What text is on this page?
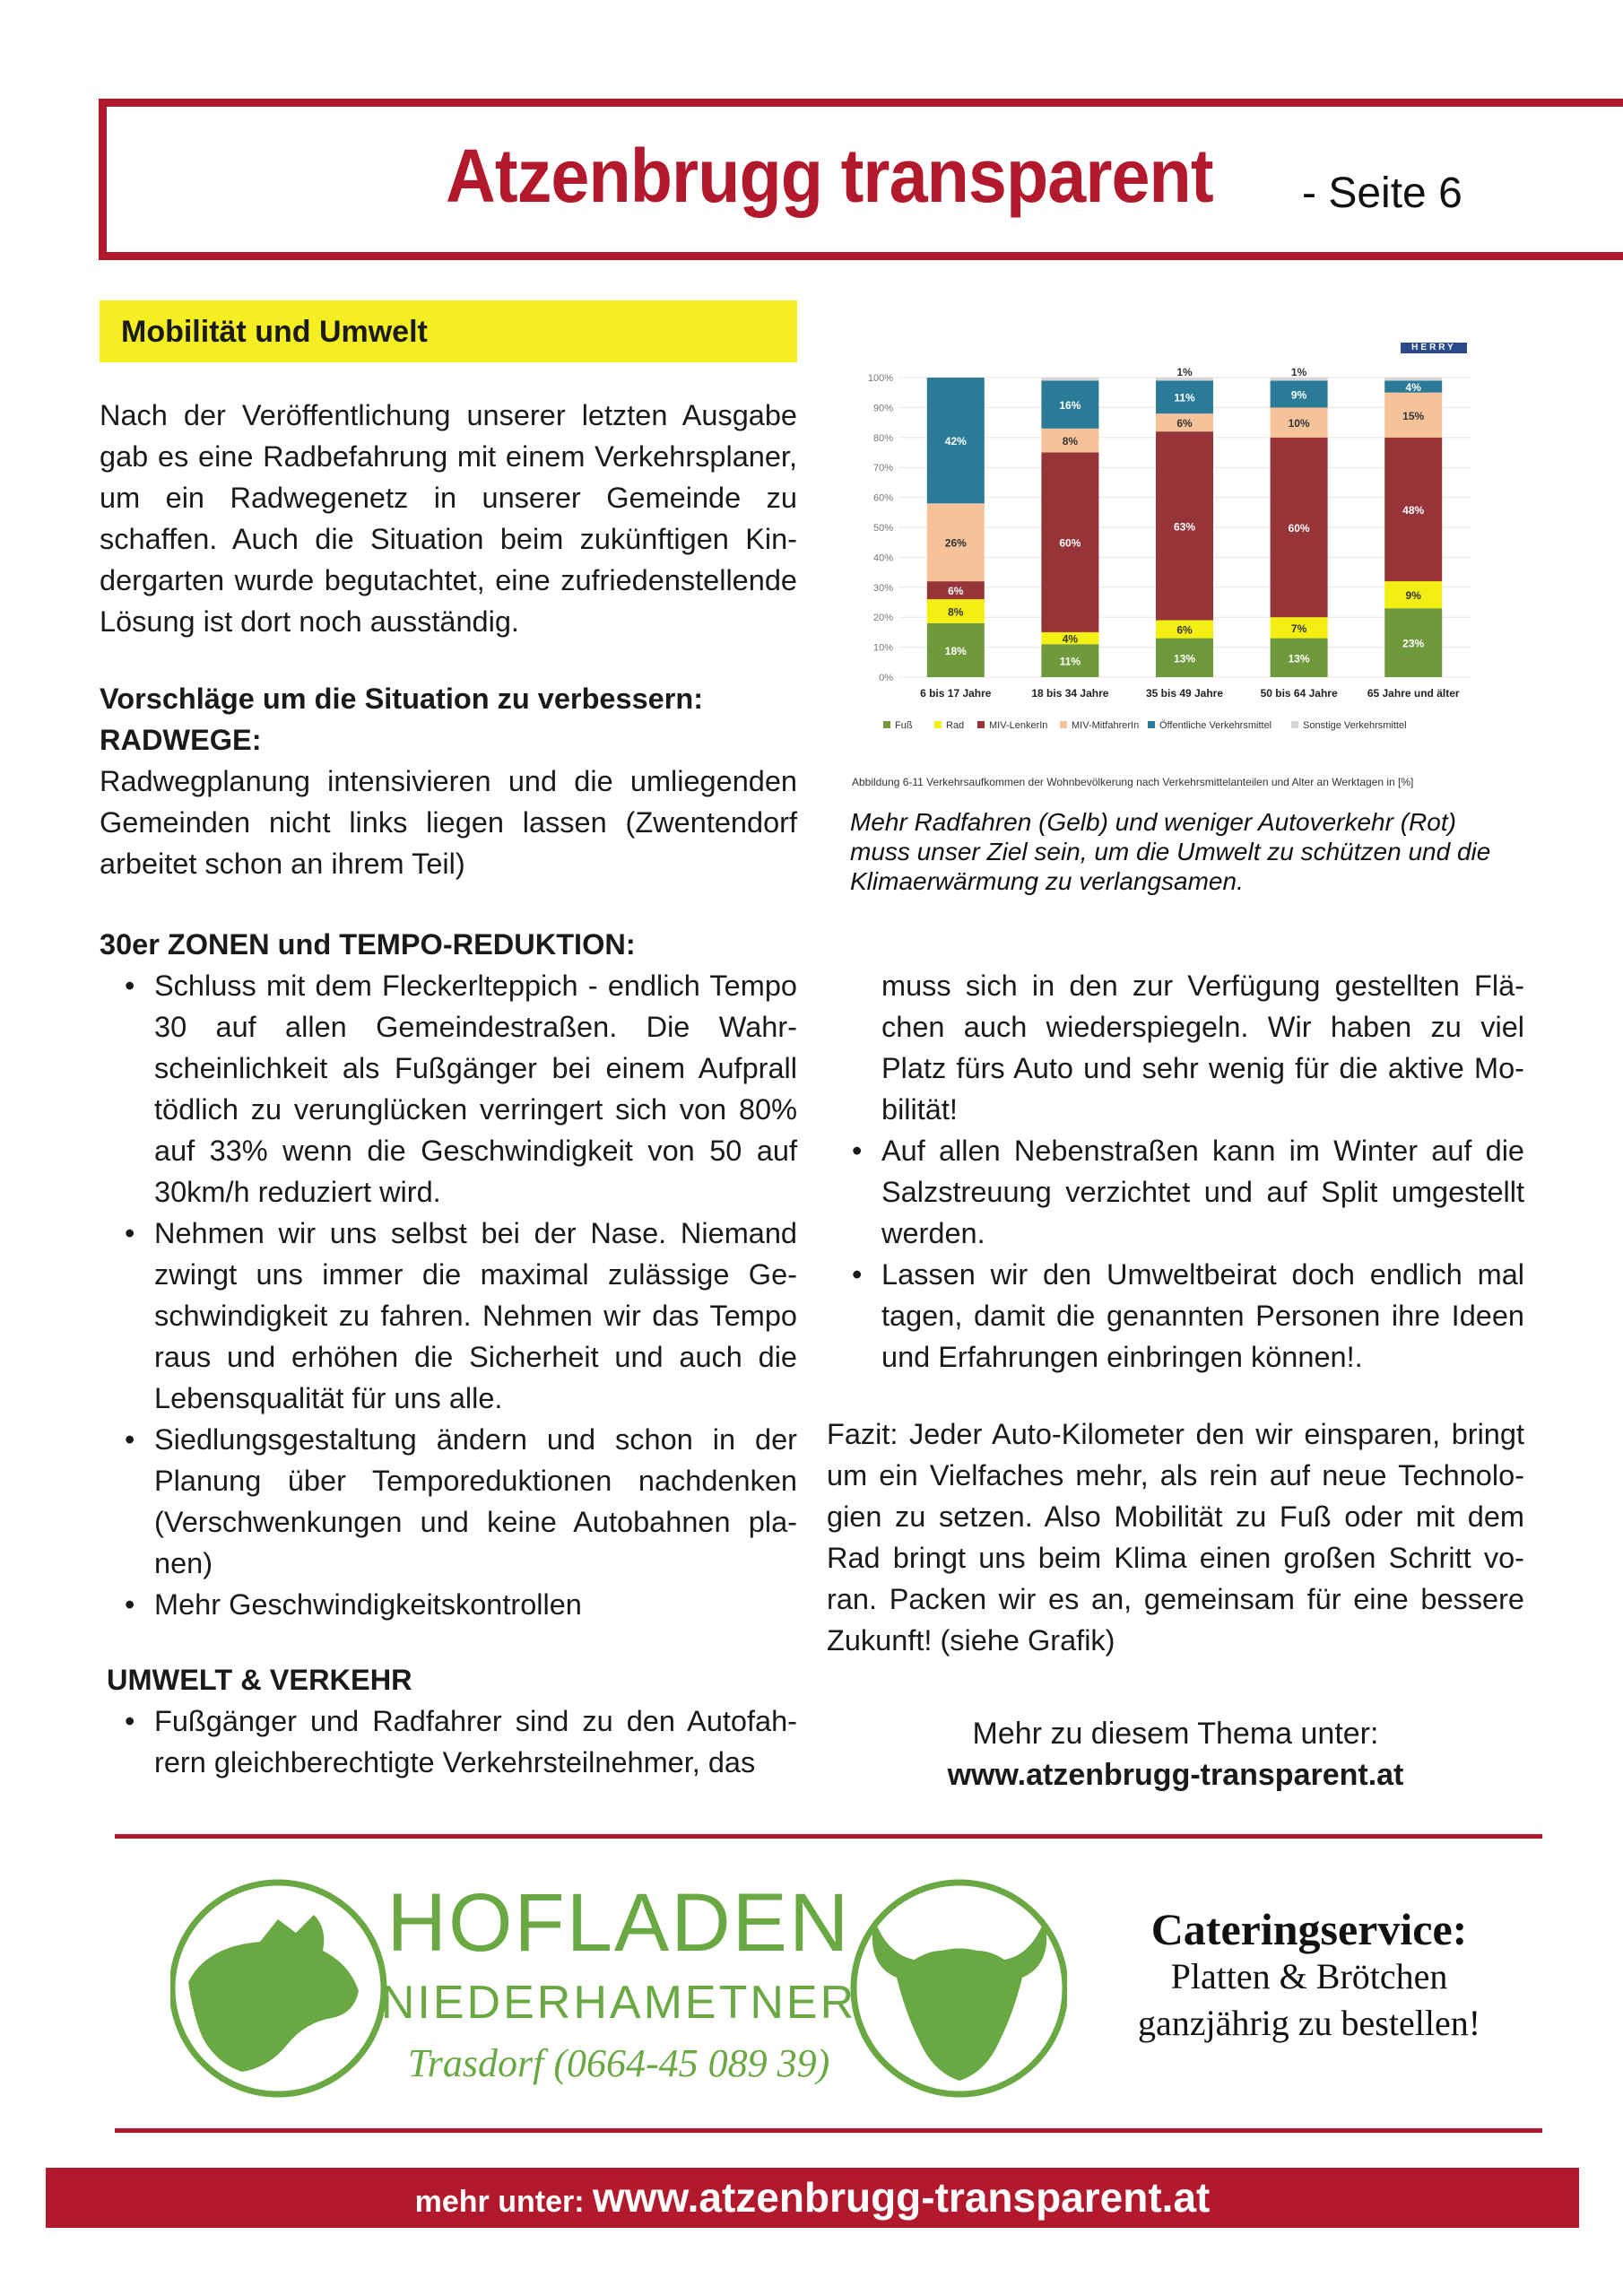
Atzenbrugg transparent - Seite 6
Mobilität und Umwelt
Nach der Veröffentlichung unserer letzten Ausgabe gab es eine Radbefahrung mit einem Verkehrsplaner, um ein Radwegenetz in unserer Gemeinde zu schaffen. Auch die Situation beim zukünftigen Kindergarten wurde begutachtet, eine zufriedenstellende Lösung ist dort noch ausständig.
Vorschläge um die Situation zu verbessern:
RADWEGE:
Radwegplanung intensivieren und die umliegenden Gemeinden nicht links liegen lassen (Zwentendorf arbeitet schon an ihrem Teil)
30er ZONEN und TEMPO-REDUKTION:
• Schluss mit dem Fleckerlteppich - endlich Tempo 30 auf allen Gemeindestraßen. Die Wahrscheinlichkeit als Fußgänger bei einem Aufprall tödlich zu verunglücken verringert sich von 80% auf 33% wenn die Geschwindigkeit von 50 auf 30km/h reduziert wird.
• Nehmen wir uns selbst bei der Nase. Niemand zwingt uns immer die maximal zulässige Geschwindigkeit zu fahren. Nehmen wir das Tempo raus und erhöhen die Sicherheit und auch die Lebensqualität für uns alle.
• Siedlungsgestaltung ändern und schon in der Planung über Temporeduktionen nachdenken (Verschwenkungen und keine Autobahnen planen)
• Mehr Geschwindigkeitskontrollen
UMWELT & VERKEHR
• Fußgänger und Radfahrer sind zu den Autofahrern gleichberechtigte Verkehrsteilnehmer, das
muss sich in den zur Verfügung gestellten Flächen auch wiederspiegeln. Wir haben zu viel Platz fürs Auto und sehr wenig für die aktive Mobilität!
• Auf allen Nebenstraßen kann im Winter auf die Salzstreuung verzichtet und auf Split umgestellt werden.
• Lassen wir den Umweltbeirat doch endlich mal tagen, damit die genannten Personen ihre Ideen und Erfahrungen einbringen können!.
Fazit: Jeder Auto-Kilometer den wir einsparen, bringt um ein Vielfaches mehr, als rein auf neue Technologien zu setzen. Also Mobilität zu Fuß oder mit dem Rad bringt uns beim Klima einen großen Schritt voran. Packen wir es an, gemeinsam für eine bessere Zukunft! (siehe Grafik)
Mehr zu diesem Thema unter:
www.atzenbrugg-transparent.at
HERRY
0%
10%
20%
30%
40%
50%
60%
70%
80%
90%
100%
18%
8%
6%
26%
42%
6 bis 17 Jahre
11%
4%
60%
8%
16%
18 bis 34 Jahre
13%
6%
63%
6%
11%
1%
35 bis 49 Jahre
13%
7%
60%
10%
9%
1%
50 bis 64 Jahre
23%
9%
48%
15%
4%
65 Jahre und älter
Fuß	Rad	MIV-LenkerIn MIV-MitfahrerIn Öffentliche Verkehrsmittel	Sonstige Verkehrsmittel
Abbildung 6-11 Verkehrsaufkommen der Wohnbevölkerung nach Verkehrsmittelanteilen und Alter an Werktagen in [%]
Mehr Radfahren (Gelb) und weniger Autoverkehr (Rot) muss unser Ziel sein, um die Umwelt zu schützen und die Klimaerwärmung zu verlangsamen.
HOFLADEN
NIEDERHAMETNER
Trasdorf (0664-45 089 39)
Cateringservice:
Platten & Brötchen
ganzjährig zu bestellen!
mehr unter: www.atzenbrugg-transparent.at
